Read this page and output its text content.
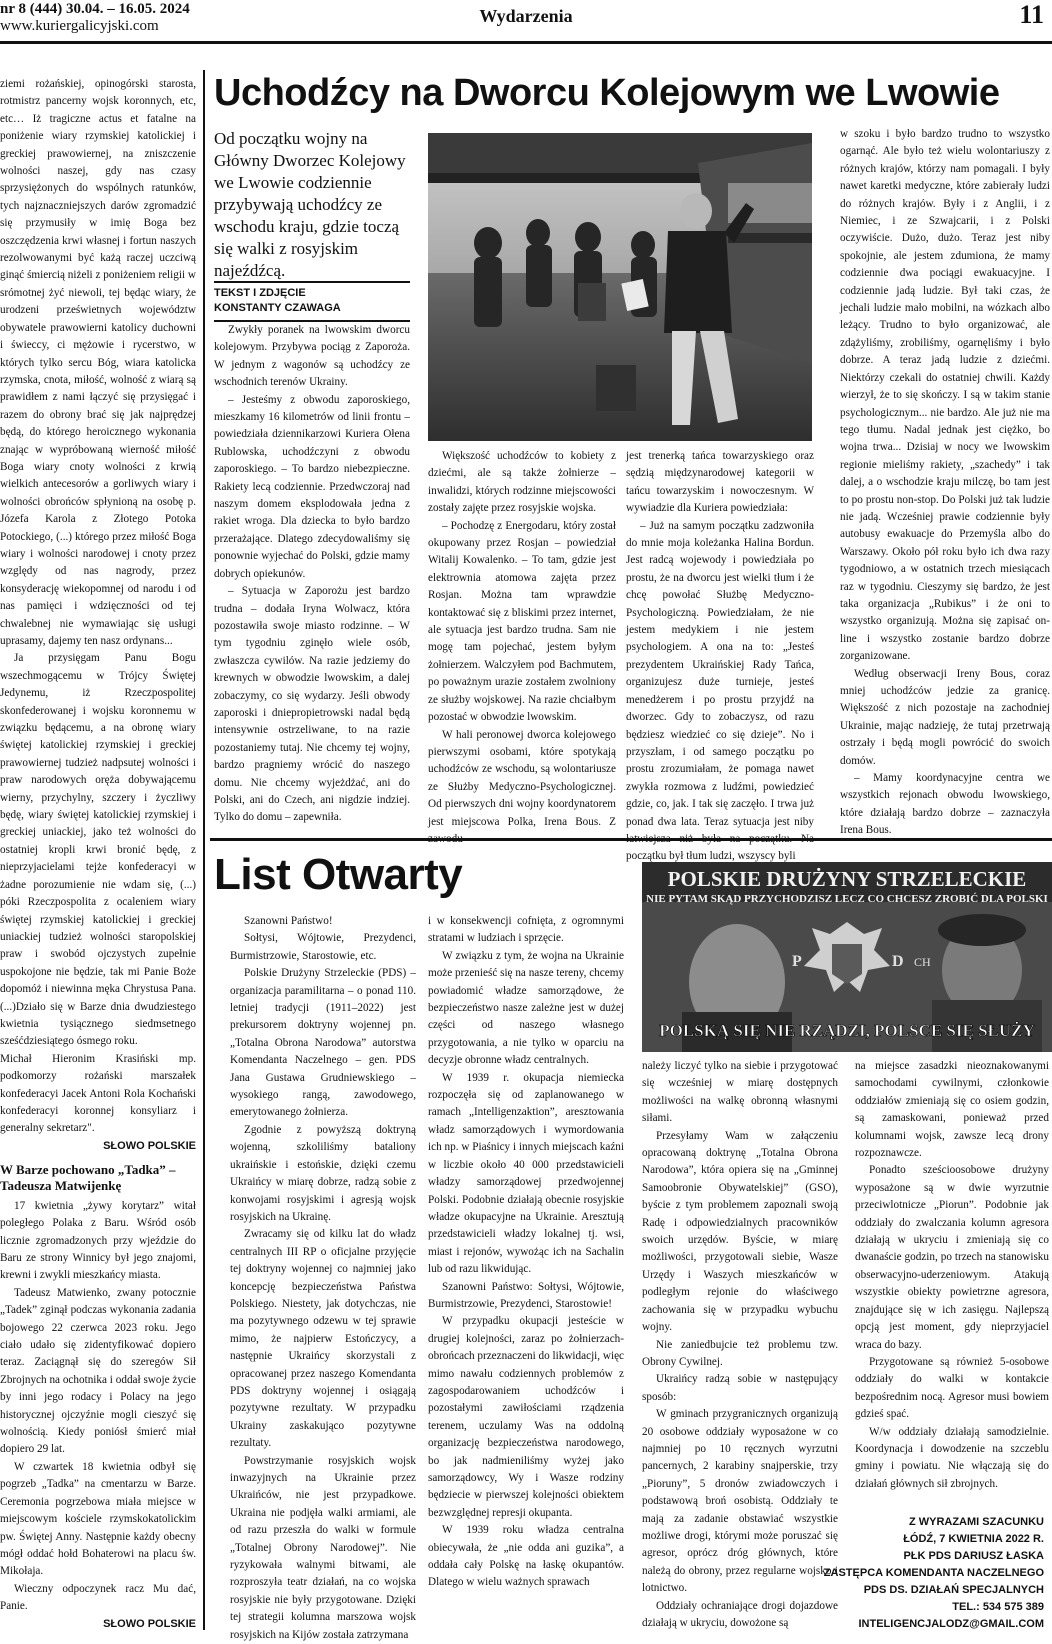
nr 8 (444) 30.04. – 16.05. 2024
www.kuriergalicyjski.com	Wydarzenia	11

ziemi rożańskiej, opinogórski starosta, rotmistrz pancerny wojsk koronnych, etc, etc… Iż tragiczne actus et fatalne na poniżenie wiary rzymskiej katolickiej i greckiej prawowiernej, na zniszczenie wolności naszej, gdy nas czasy sprzysiężonych do wspólnych ratunków, tych najznaczniejszych darów zgromadzić się przymusiły w imię Boga bez oszczędzenia krwi własnej i fortun naszych rezolwowanymi być każą raczej uczciwą ginąć śmiercią niżeli z poniżeniem religii w srómotnej żyć niewoli, tej będąc wiary, że urodzeni prześwietnych województw obywatele prawowierni katolicy duchowni i świeccy, ci mężowie i rycerstwo, w których tylko sercu Bóg, wiara katolicka rzymska, cnota, miłość, wolność z wiarą są prawidłem z nami łączyć się przysięgać i razem do obrony brać się jak najprędzej będą, do którego heroicznego wykonania znając w wypróbowaną wierność miłość Boga wiary cnoty wolności z krwią wielkich antecesorów a gorliwych wiary i wolności obrońców spłynioną na osobę p. Józefa Karola z Złotego Potoka Potockiego, (...) którego przez miłość Boga wiary i wolności narodowej i cnoty przez względy od nas nagrody, przez konsyderację wiekopomnej od narodu i od nas pamięci i wdzięczności od tej chwalebnej nie wymawiając się usługi uprasamy, dajemy ten nasz ordynans...

Ja przysięgam Panu Bogu wszechmogącemu w Trójcy Świętej Jedynemu, iż Rzeczpospolitej skonfederowanej i wojsku koronnemu w związku będącemu, a na obronę wiary świętej katolickiej rzymskiej i greckiej prawowiernej tudzież nadpsutej wolności i praw narodowych oręża dobywającemu wierny, przychylny, szczery i życzliwy będę, wiary świętej katolickiej rzymskiej i greckiej uniackiej, jako też wolności do ostatniej kropli krwi bronić będę, z nieprzyjacielami tejże konfederacyi w żadne porozumienie nie wdam się, (...) póki Rzeczpospolita z ocaleniem wiary świętej rzymskiej katolickiej i greckiej uniackiej tudzież wolności staropolskiej praw i swobód ojczystych zupełnie uspokojone nie będzie, tak mi Panie Boże dopomóż i niewinna męka Chrystusa Pana. (...)Działo się w Barze dnia dwudziestego kwietnia tysiącznego siedmsetnego sześćdziesiątego ósmego roku.

Michał Hieronim Krasiński mp. podkomorzy rożański marszałek konfederacyi Jacek Antoni Rola Kochański konfederacyi koronnej konsyliarz i generalny sekretarz".

SŁOWO POLSKIE
W Barze pochowano „Tadka” – Tadeusza Matwijenkę

17 kwietnia „żywy korytarz” witał poległego Polaka z Baru. Wśród osób licznie zgromadzonych przy wjeździe do Baru ze strony Winnicy był jego znajomi, krewni i zwykli mieszkańcy miasta.

Tadeusz Matwienko, zwany potocznie „Tadek” zginął podczas wykonania zadania bojowego 22 czerwca 2023 roku. Jego ciało udało się zidentyfikować dopiero teraz. Zaciągnął się do szeregów Sił Zbrojnych na ochotnika i oddał swoje życie by inni jego rodacy i Polacy na jego historycznej ojczyźnie mogli cieszyć się wolnością. Kiedy poniósł śmierć miał dopiero 29 lat.

W czwartek 18 kwietnia odbył się pogrzeb „Tadka” na cmentarzu w Barze. Ceremonia pogrzebowa miała miejsce w miejscowym kościele rzymskokatolickim pw. Świętej Anny. Następnie każdy obecny mógł oddać hołd Bohaterowi na placu św. Mikołaja.

Wieczny odpoczynek racz Mu dać, Panie.

SŁOWO POLSKIE
Uchodźcy na Dworcu Kolejowym we Lwowie
Od początku wojny na Główny Dworzec Kolejowy we Lwowie codziennie przybywają uchodźcy ze wschodu kraju, gdzie toczą się walki z rosyjskim najeźdźcą.
TEKST I ZDJĘCIE
KONSTANTY CZAWAGA

Zwykły poranek na lwowskim dworcu kolejowym. Przybywa pociąg z Zaporoża. W jednym z wagonów są uchodźcy ze wschodnich terenów Ukrainy.

– Jesteśmy z obwodu zaporoskiego, mieszkamy 16 kilometrów od linii frontu – powiedziała dziennikarzowi Kuriera Ołena Rublowska, uchodźczyni z obwodu zaporoskiego. – To bardzo niebezpieczne. Rakiety lecą codziennie. Przedwczoraj nad naszym domem eksplodowała jedna z rakiet wroga. Dla dziecka to było bardzo przerażające. Dlatego zdecydowaliśmy się ponownie wyjechać do Polski, gdzie mamy dobrych opiekunów.

– Sytuacja w Zaporożu jest bardzo trudna – dodała Iryna Wolwacz, która pozostawiła swoje miasto rodzinne. – W tym tygodniu zginęło wiele osób, zwłaszcza cywilów. Na razie jedziemy do krewnych w obwodzie lwowskim, a dalej zobaczymy, co się wydarzy. Jeśli obwody zaporoski i dniepropietrowski nadal będą intensywnie ostrzeliwane, to na razie pozostaniemy tutaj. Nie chcemy tej wojny, bardzo pragniemy wrócić do naszego domu. Nie chcemy wyjeżdżać, ani do Polski, ani do Czech, ani nigdzie indziej. Tylko do domu – zapewniła.

Większość uchodźców to kobiety z dziećmi, ale są także żołnierze – inwalidzi, których rodzinne miejscowości zostały zajęte przez rosyjskie wojska.

– Pochodzę z Energodaru, który został okupowany przez Rosjan – powiedział Witalij Kowalenko. – To tam, gdzie jest elektrownia atomowa zajęta przez Rosjan. Można tam wprawdzie kontaktować się z bliskimi przez internet, ale sytuacja jest bardzo trudna. Sam nie mogę tam pojechać, jestem byłym żołnierzem. Walczyłem pod Bachmutem, po poważnym urazie zostałem zwolniony ze służby wojskowej. Na razie chciałbym pozostać w obwodzie lwowskim.

W hali peronowej dworca kolejowego pierwszymi osobami, które spotykają uchodźców ze wschodu, są wolontariusze ze Służby Medyczno-Psychologicznej. Od pierwszych dni wojny koordynatorem jest miejscowa Polka, Irena Bous. Z

jest trenerką tańca towarzyskiego oraz sędzią międzynarodowej kategorii w tańcu towarzyskim i nowoczesnym. W wywiadzie dla Kuriera powiedziała:

– Już na samym początku zadzwoniła do mnie moja koleżanka Halina Bordun. Jest radcą wojewody i powiedziała po prostu, że na dworcu jest wielki tłum i że chcę powołać Służbę Medyczno-Psychologiczną. Powiedziałam, że nie jestem medykiem i nie jestem psychologiem. A ona na to: „Jesteś prezydentem Ukraińskiej Rady Tańca, organizujesz duże turnieje, jesteś menedżerem i po prostu przyjdź na dworzec. Gdy to zobaczysz, od razu będziesz wiedzieć co się dzieje”. No i przyszłam, i od samego początku po prostu zrozumiałam, że pomaga nawet zwykła rozmowa z ludźmi, powiedzieć gdzie, co, jak. I tak się zaczęło. I trwa już ponad dwa lata. Teraz sytuacja jest niby początku był tłum ludzi, wszyscy byli

w szoku i było bardzo trudno to wszystko ogarnąć. Ale było też wielu wolontariuszy z różnych krajów, którzy nam pomagali. I były nawet karetki medyczne, które zabierały ludzi do różnych krajów. Były i z Anglii, i z Niemiec, i ze Szwajcarii, i z Polski oczywiście. Dużo, dużo. Teraz jest niby spokojnie, ale jestem zdumiona, że mamy codziennie dwa pociągi ewakuacyjne. I codziennie jadą ludzie. Był taki czas, że jechali ludzie mało mobilni, na wózkach albo leżący. Trudno to było organizować, ale zdążyliśmy, zrobiliśmy, ogarnęliśmy i było dobrze. A teraz jadą ludzie z dziećmi. Niektórzy czekali do ostatniej chwili. Każdy wierzył, że to się skończy. I są w takim stanie psychologicznym... nie bardzo. Ale już nie ma tego tłumu. Nadal jednak jest ciężko, bo wojna trwa... Dzisiaj w nocy we lwowskim regionie mieliśmy rakiety, „szachedy” i tak dalej, a o wschodzie kraju milczę, bo tam jest to po prostu non-stop. Do Polski już tak ludzie nie jadą. Wcześniej prawie codziennie były autobusy ewakuacje do Przemyśla albo do Warszawy. Około pół roku było ich dwa razy tygodniowo, a w ostatnich trzech miesiącach raz w tygodniu. Cieszymy się bardzo, że jest taka organizacja „Rubikus” i że oni to wszystko organizują. Można się zapisać on-line i wszystko zostanie bardzo dobrze zorganizowane.

Według obserwacji Ireny Bous, coraz mniej uchodźców jedzie za granicę. Większość z nich pozostaje na zachodniej Ukrainie, mając nadzieję, że tutaj przetrwają ostrzały i będą mogli powrócić do swoich domów.

– Mamy koordynacyjne centra we wszystkich rejonach obwodu lwowskiego, które działają bardzo dobrze – zaznaczyła Irena Bous.

List Otwarty
P	D CH
POLSKIE DRUŻYNY STRZELECKIE
NIE PYTAM SKĄD PRZYCHODZISZ LECZ CO CHCESZ ZROBIĆ DLA POLSKI
POLSKĄ SIĘ NIE RZĄDZI, POLSCE SIĘ SŁUŻY

Szanowni Państwo!

Sołtysi, Wójtowie, Prezydenci, Burmistrzowie, Starostowie, etc.

Polskie Drużyny Strzeleckie (PDS) – organizacja paramilitarna – o ponad 110. letniej tradycji (1911–2022) jest prekursorem doktryny wojennej pn. „Totalna Obrona Narodowa” autorstwa Komendanta Naczelnego – gen. PDS Jana Gustawa Grudniewskiego – wysokiego rangą, zawodowego, emerytowanego żołnierza.

Zgodnie z powyższą doktryną wojenną, szkoliliśmy bataliony ukraińskie i estońskie, dzięki czemu Ukraińcy w miarę dobrze, radzą sobie z konwojami rosyjskimi i agresją wojsk rosyjskich na Ukrainę.

Zwracamy się od kilku lat do władz centralnych III RP o oficjalne przyjęcie tej doktryny wojennej co najmniej jako koncepcję bezpieczeństwa Państwa Polskiego. Niestety, jak dotychczas, nie ma pozytywnego odzewu w tej sprawie mimo, że najpierw Estończycy, a następnie Ukraińcy skorzystali z opracowanej przez naszego Komendanta PDS doktryny wojennej i osiągają pozytywne rezultaty. W przypadku Ukrainy zaskakująco pozytywne rezultaty.

Powstrzymanie rosyjskich wojsk inwazyjnych na Ukrainie przez Ukraińców, nie jest przypadkowe. Ukraina nie podjęła walki armiami, ale od razu przeszła do walki w formule „Totalnej Obrony Narodowej”. Nie ryzykowała walnymi bitwami, ale rozproszyła teatr działań, na co wojska rosyjskie nie były przygotowane. Dzięki tej strategii kolumna marszowa wojsk rosyjskich na Kijów została zatrzymana

i w konsekwencji cofnięta, z ogromnymi stratami w ludziach i sprzęcie.

W związku z tym, że wojna na Ukrainie może przenieść się na nasze tereny, chcemy powiadomić władze samorządowe, że bezpieczeństwo nasze zależne jest w dużej części od naszego własnego przygotowania, a nie tylko w oparciu na decyzje obronne władz centralnych.

W 1939 r. okupacja niemiecka rozpoczęła się od zaplanowanego w ramach „Intelligenzaktion”, aresztowania władz samorządowych i wymordowania ich np. w Piaśnicy i innych miejscach kaźni w liczbie około 40 000 przedstawicieli władzy samorządowej przedwojennej Polski. Podobnie działają obecnie rosyjskie władze okupacyjne na Ukrainie. Aresztują przedstawicieli władzy lokalnej tj. wsi, miast i rejonów, wywożąc ich na Sachalin lub od razu likwidując.

Szanowni Państwo: Sołtysi, Wójtowie, Burmistrzowie, Prezydenci, Starostowie!

W przypadku okupacji jesteście w drugiej kolejności, zaraz po żołnierzach-obrońcach przeznaczeni do likwidacji, więc mimo nawału codziennych problemów z zagospodarowaniem uchodźców i pozostałymi zawiłościami rządzenia terenem, uczulamy Was na oddolną organizację bezpieczeństwa narodowego, bo jak nadmieniliśmy wyżej jako samorządowcy, Wy i Wasze rodziny będziecie w pierwszej kolejności obiektem bezwzględnej represji okupanta.

W 1939 roku władza centralna obiecywała, że „nie odda ani guzika”, a oddała cały Polskę na łaskę okupantów. Dlatego w wielu ważnych sprawach

należy liczyć tylko na siebie i przygotować się wcześniej w miarę dostępnych możliwości na walkę obronną własnymi siłami.

Przesyłamy Wam w załączeniu opracowaną doktrynę „Totalna Obrona Narodowa”, która opiera się na „Gminnej Samoobronie Obywatelskiej” (GSO), byście z tym problemem zapoznali swoją Radę i odpowiedzialnych pracowników swoich urzędów. Byście, w miarę możliwości, przygotowali siebie, Wasze Urzędy i Waszych mieszkańców w podległym rejonie do właściwego zachowania się w przypadku wybuchu wojny.

Nie zaniedbujcie też problemu tzw. Obrony Cywilnej.

Ukraińcy radzą sobie w następujący sposób:

W gminach przygranicznych organizują 20 osobowe oddziały wyposażone w co najmniej po 10 ręcznych wyrzutni pancernych, 2 karabiny snajperskie, trzy „Pioruny”, 5 dronów zwiadowczych i podstawową broń osobistą. Oddziały te mają za zadanie obstawiać wszystkie możliwe drogi, którymi może poruszać się agresor, oprócz dróg głównych, które należą do obrony, przez regularne wojsko i lotnictwo.

Oddziały ochraniające drogi dojazdowe działają w ukryciu, dowożone są

na miejsce zasadzki nieoznakowanymi samochodami cywilnymi, członkowie oddziałów zmieniają się co osiem godzin, są zamaskowani, ponieważ przed kolumnami wojsk, zawsze lecą drony rozpoznawcze.

Ponadto sześcioosobowe drużyny wyposażone są w dwie wyrzutnie przeciwlotnicze „Piorun”. Podobnie jak oddziały do zwalczania kolumn agresora działają w ukryciu i zmieniają się co dwanaście godzin, po trzech na stanowisku obserwacyjno-uderzeniowym. Atakują wszystkie obiekty powietrzne agresora, znajdujące się w ich zasięgu. Najlepszą opcją jest moment, gdy nieprzyjaciel wraca do bazy.

Przygotowane są również 5-osobowe oddziały do walki w kontakcie bezpośrednim nocą. Agresor musi bowiem gdzieś spać.

W/w oddziały działają samodzielnie. Koordynacja i dowodzenie na szczeblu gminy i powiatu. Nie włączają się do działań głównych sił zbrojnych.

Z WYRAZAMI SZACUNKU
ŁÓDŹ, 7 KWIETNIA 2022 R.
PŁK PDS DARIUSZ ŁASKA
ZASTĘPCA KOMENDANTA NACZELNEGO
PDS DS. DZIAŁAŃ SPECJALNYCH
TEL.: 534 575 389
INTELIGENCJALODZ@GMAIL.COM
